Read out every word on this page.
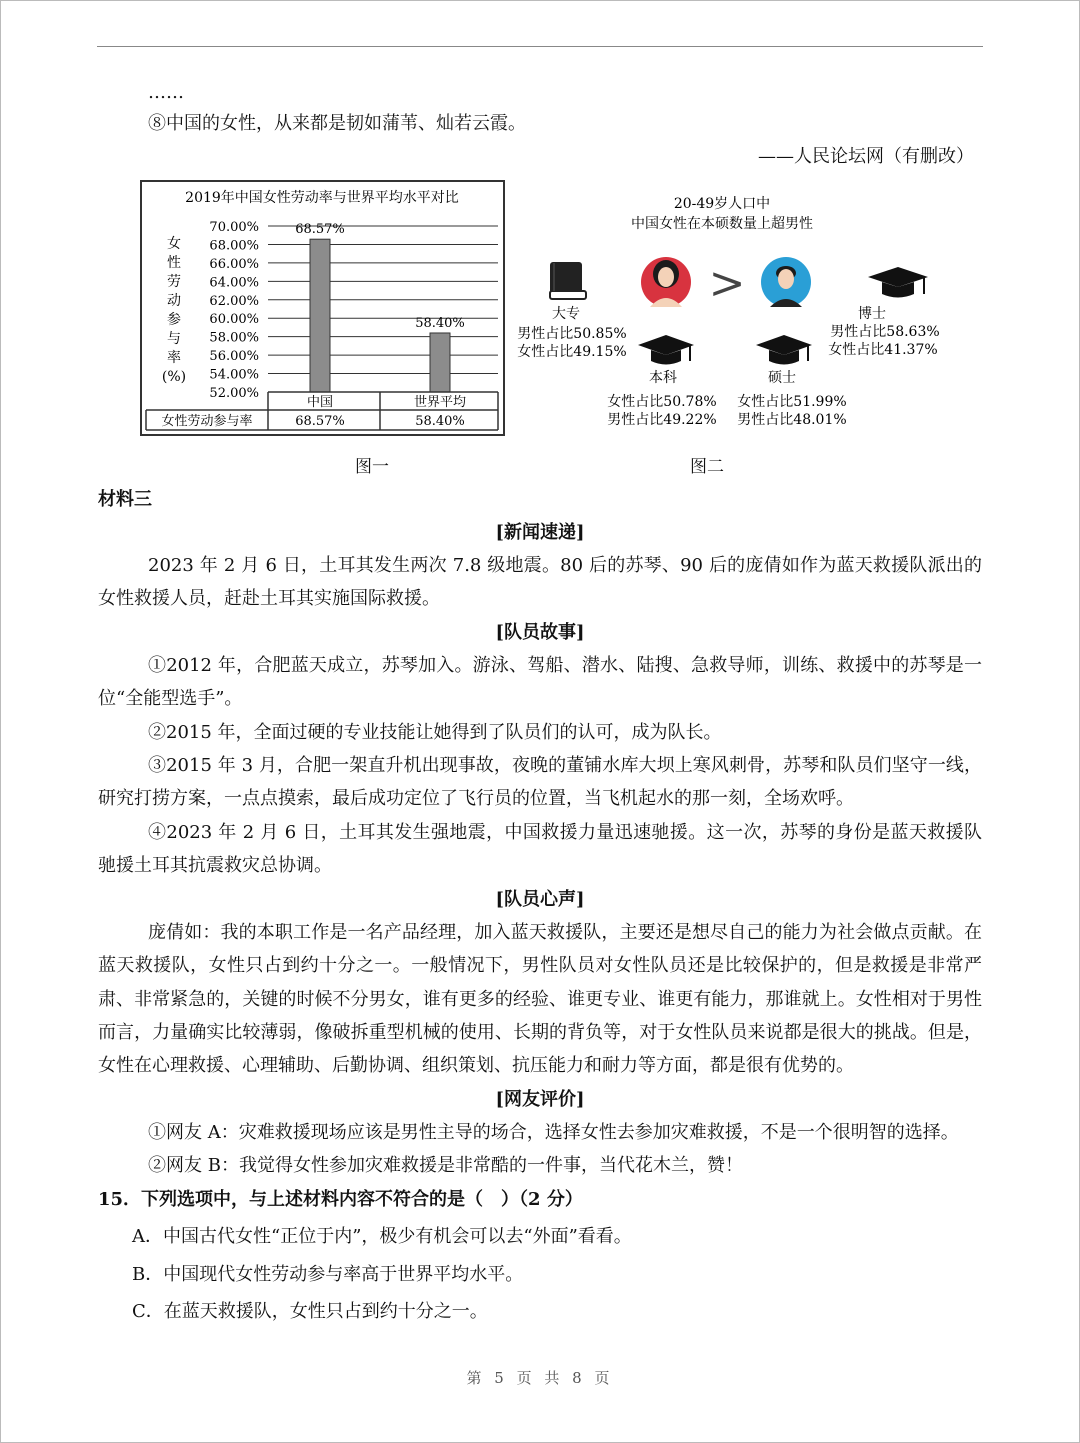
……
⑧中国的女性，从来都是韧如蒲苇、灿若云霞。
——人民论坛网（有删改）
2019年中国女性劳动率与世界平均水平对比
女
性
劳
动
参
与
率
(%)
70.00%
68.00%
66.00%
64.00%
62.00%
60.00%
58.00%
56.00%
54.00%
52.00%
68.57%
58.40%
中国
68.57%
世界平均
58.40%
女性劳动参与率
图一
20-49岁人口中
中国女性在本硕数量上超男性
大专
男性占比50.85%
女性占比49.15%
>
博士
男性占比58.63%
女性占比41.37%
本科
女性占比50.78%
男性占比49.22%
硕士
女性占比51.99%
男性占比48.01%
图二
材料三
[新闻速递]
2023 年 2 月 6 日，土耳其发生两次 7.8 级地震。80 后的苏琴、90 后的庞倩如作为蓝天救援队派出的女性救援人员，赶赴土耳其实施国际救援。
[队员故事]
①2012 年，合肥蓝天成立，苏琴加入。游泳、驾船、潜水、陆搜、急救导师，训练、救援中的苏琴是一位“全能型选手”。
②2015 年，全面过硬的专业技能让她得到了队员们的认可，成为队长。
③2015 年 3 月，合肥一架直升机出现事故，夜晚的董铺水库大坝上寒风刺骨，苏琴和队员们坚守一线，研究打捞方案，一点点摸索，最后成功定位了飞行员的位置，当飞机起水的那一刻，全场欢呼。
④2023 年 2 月 6 日，土耳其发生强地震，中国救援力量迅速驰援。这一次，苏琴的身份是蓝天救援队驰援土耳其抗震救灾总协调。
[队员心声]
庞倩如：我的本职工作是一名产品经理，加入蓝天救援队，主要还是想尽自己的能力为社会做点贡献。在蓝天救援队，女性只占到约十分之一。一般情况下，男性队员对女性队员还是比较保护的，但是救援是非常严肃、非常紧急的，关键的时候不分男女，谁有更多的经验、谁更专业、谁更有能力，那谁就上。女性相对于男性而言，力量确实比较薄弱，像破拆重型机械的使用、长期的背负等，对于女性队员来说都是很大的挑战。但是，女性在心理救援、心理辅助、后勤协调、组织策划、抗压能力和耐力等方面，都是很有优势的。
[网友评价]
①网友 A：灾难救援现场应该是男性主导的场合，选择女性去参加灾难救援，不是一个很明智的选择。
②网友 B：我觉得女性参加灾难救援是非常酷的一件事，当代花木兰，赞！
15．下列选项中，与上述材料内容不符合的是（　）（2 分）
A．中国古代女性“正位于内”，极少有机会可以去“外面”看看。
B．中国现代女性劳动参与率高于世界平均水平。
C．在蓝天救援队，女性只占到约十分之一。
第 5 页 共 8 页
